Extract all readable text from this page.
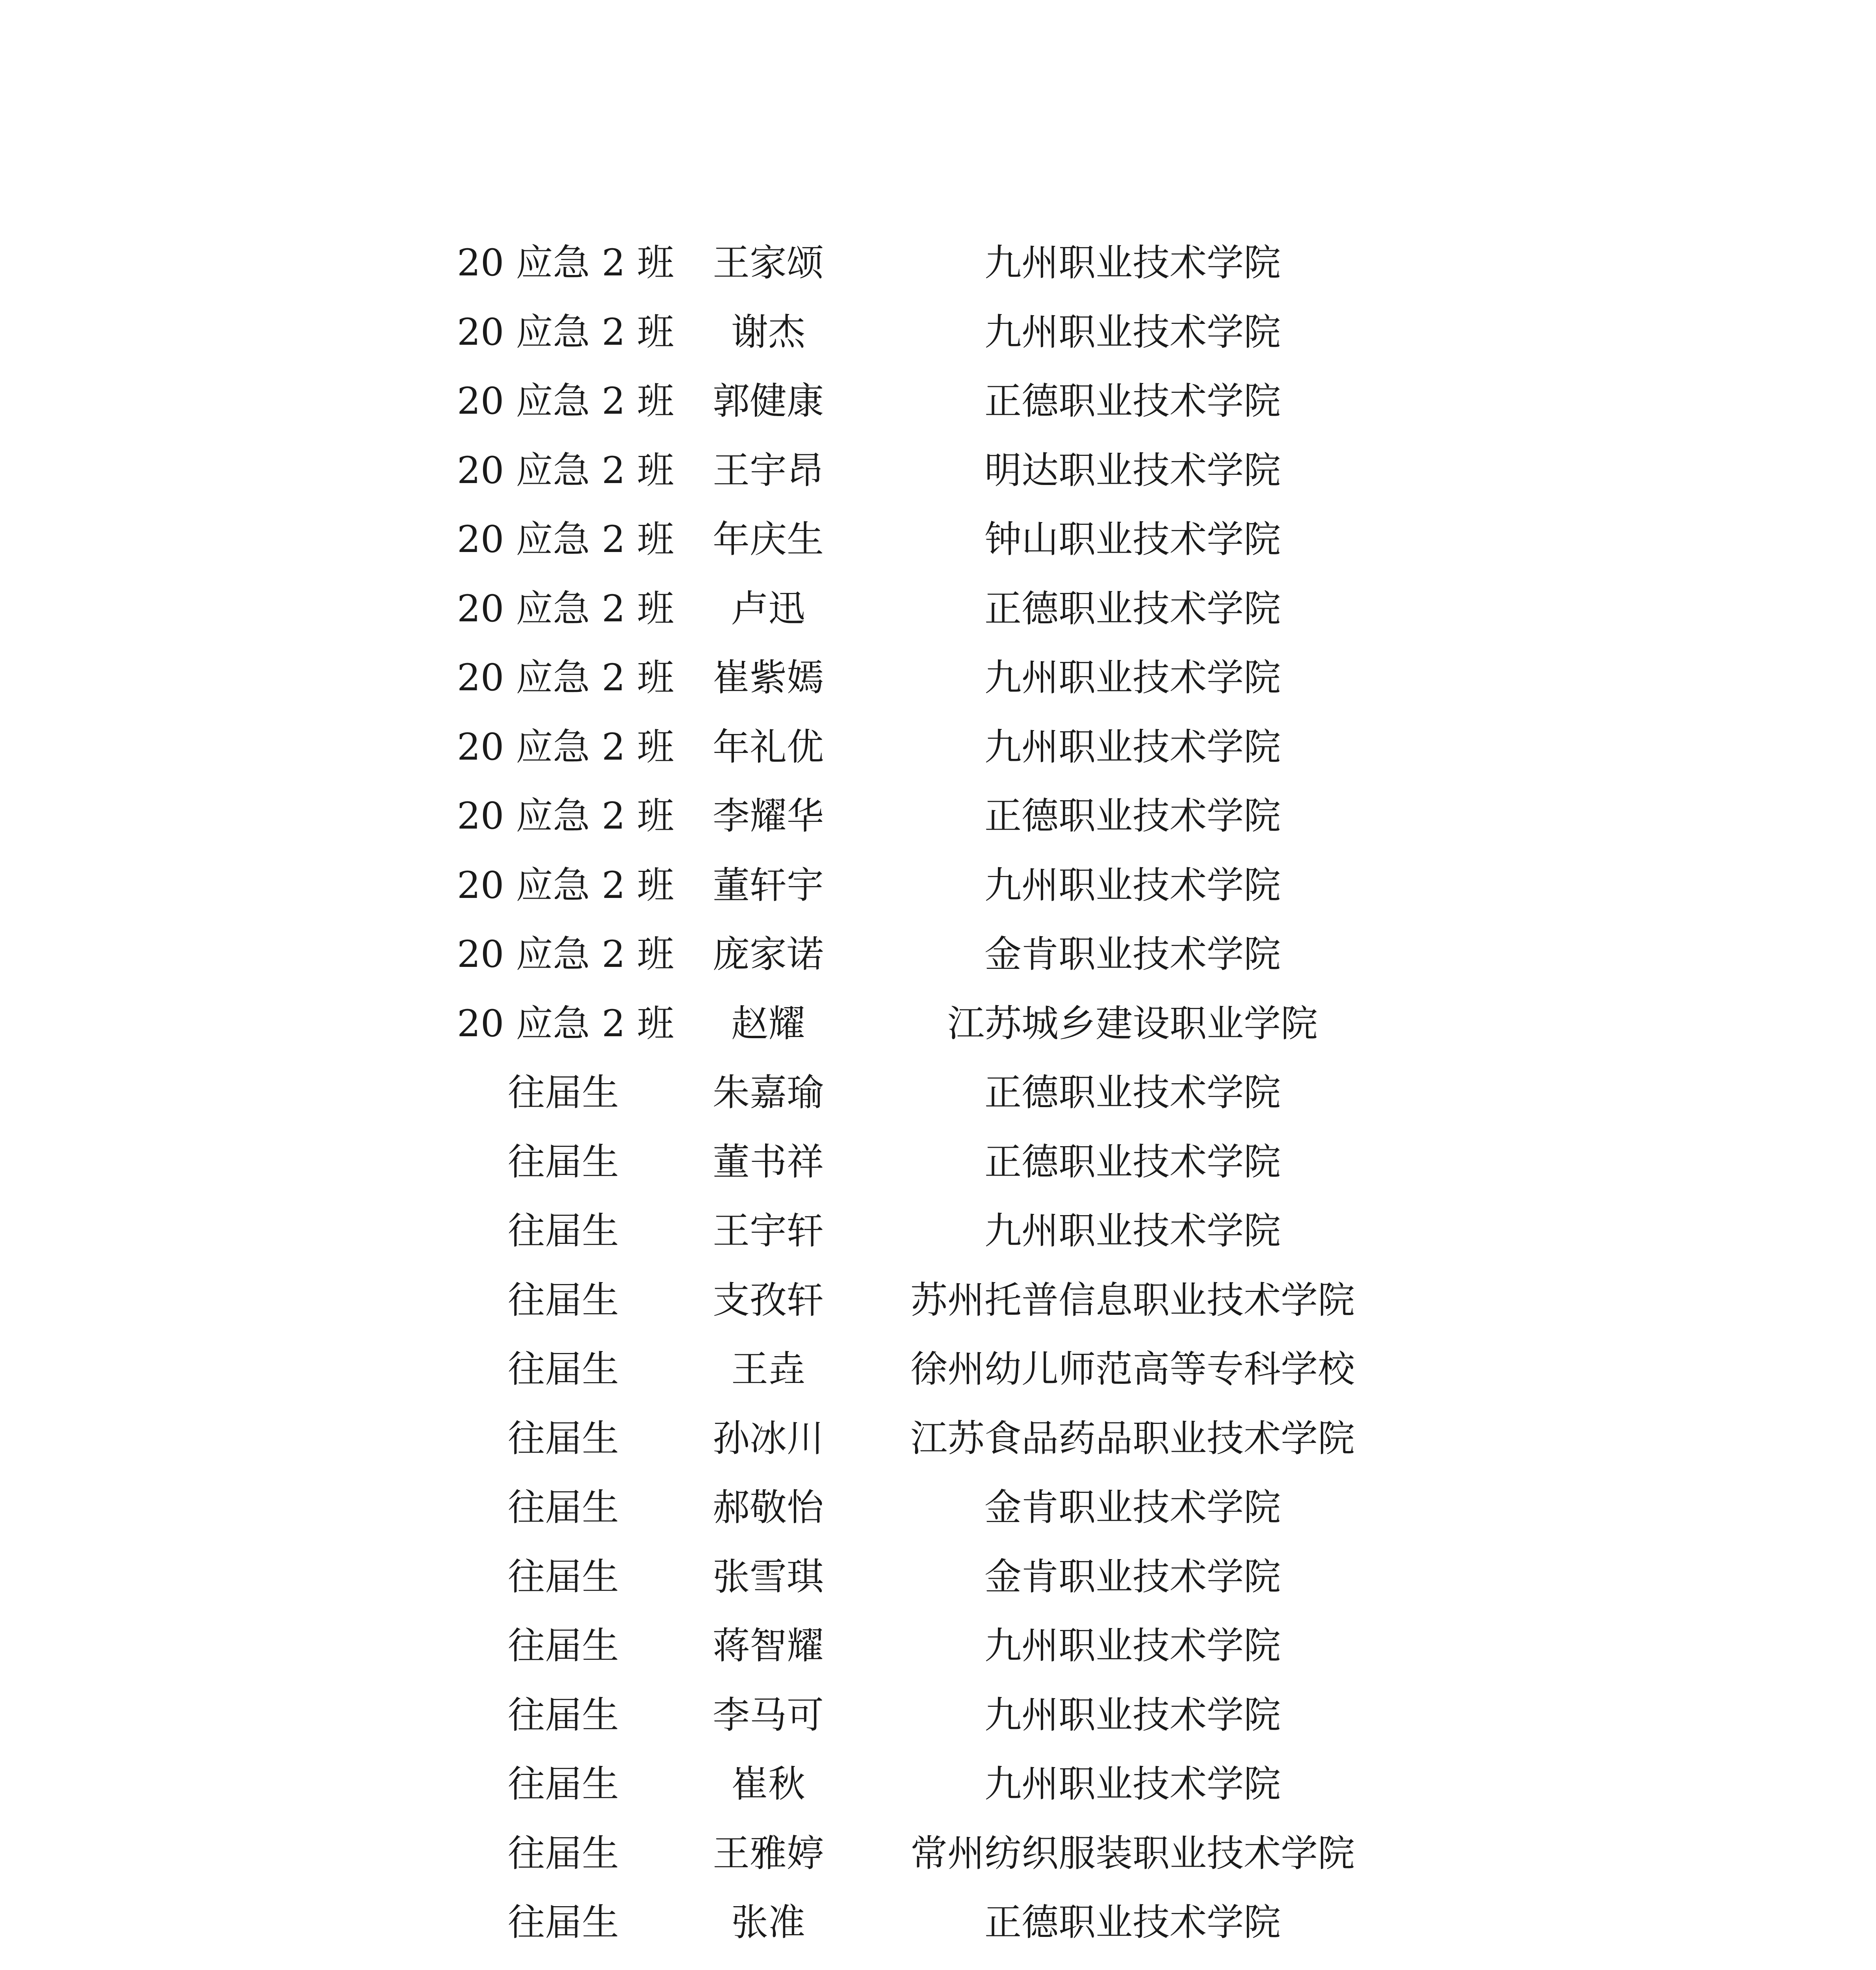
20 应急 2 班	王家颂	九州职业技术学院
20 应急 2 班	谢杰	九州职业技术学院
20 应急 2 班	郭健康	正德职业技术学院
20 应急 2 班	王宇昂	明达职业技术学院
20 应急 2 班	年庆生	钟山职业技术学院
20 应急 2 班	卢迅	正德职业技术学院
20 应急 2 班	崔紫嫣	九州职业技术学院
20 应急 2 班	年礼优	九州职业技术学院
20 应急 2 班	李耀华	正德职业技术学院
20 应急 2 班	董轩宇	九州职业技术学院
20 应急 2 班	庞家诺	金肯职业技术学院
20 应急 2 班	赵耀	江苏城乡建设职业学院
往届生	朱嘉瑜	正德职业技术学院
往届生	董书祥	正德职业技术学院
往届生	王宇轩	九州职业技术学院
往届生	支孜轩	苏州托普信息职业技术学院
往届生	王垚	徐州幼儿师范高等专科学校
往届生	孙冰川	江苏食品药品职业技术学院
往届生	郝敬怡	金肯职业技术学院
往届生	张雪琪	金肯职业技术学院
往届生	蒋智耀	九州职业技术学院
往届生	李马可	九州职业技术学院
往届生	崔秋	九州职业技术学院
往届生	王雅婷	常州纺织服装职业技术学院
往届生	张准	正德职业技术学院
